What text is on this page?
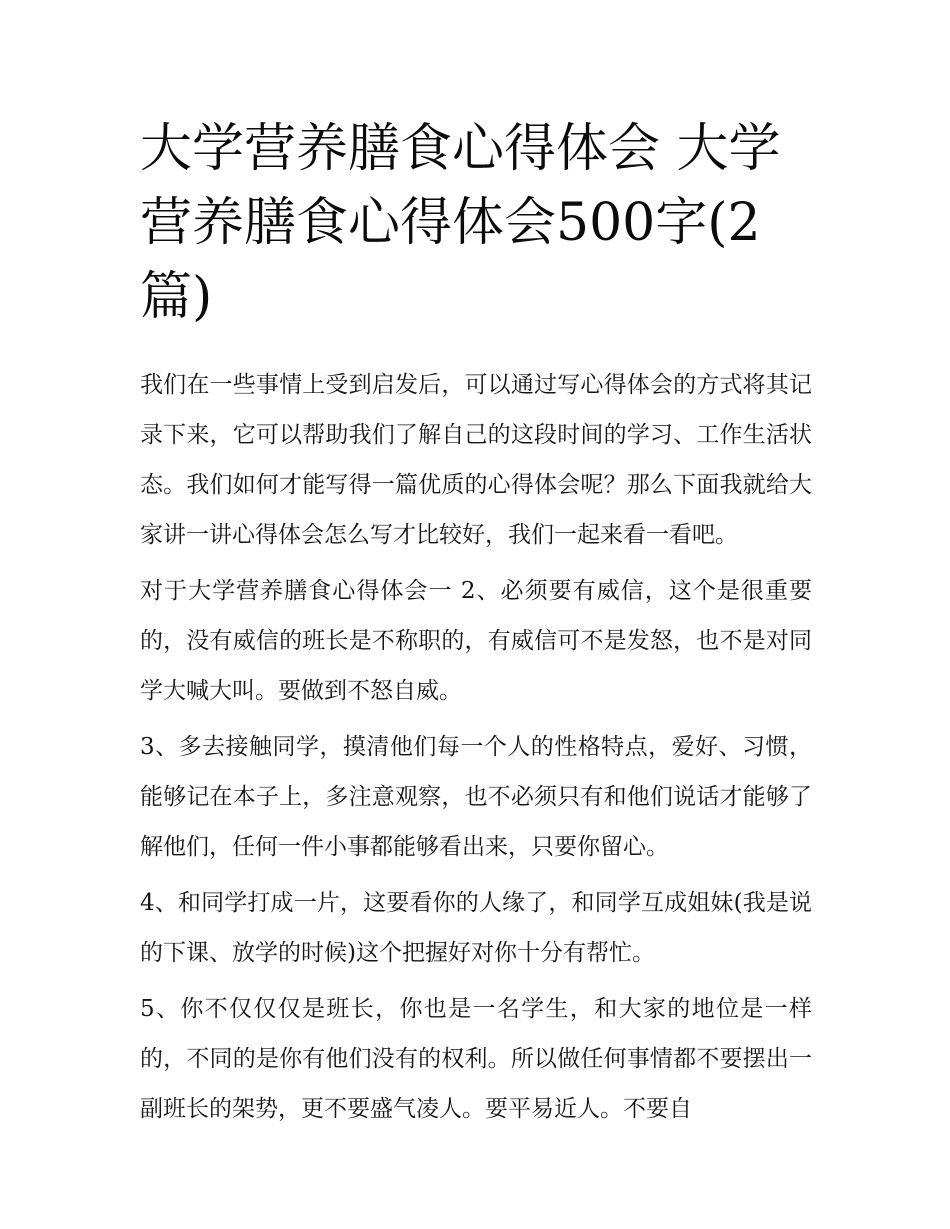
大学营养膳食心得体会 大学营养膳食心得体会500字(2篇)

我们在一些事情上受到启发后，可以通过写心得体会的方式将其记录下来，它可以帮助我们了解自己的这段时间的学习、工作生活状态。我们如何才能写得一篇优质的心得体会呢？那么下面我就给大家讲一讲心得体会怎么写才比较好，我们一起来看一看吧。

对于大学营养膳食心得体会一 2、必须要有威信，这个是很重要的，没有威信的班长是不称职的，有威信可不是发怒，也不是对同学大喊大叫。要做到不怒自威。

3、多去接触同学，摸清他们每一个人的性格特点，爱好、习惯，能够记在本子上，多注意观察，也不必须只有和他们说话才能够了解他们，任何一件小事都能够看出来，只要你留心。

4、和同学打成一片，这要看你的人缘了，和同学互成姐妹(我是说的下课、放学的时候)这个把握好对你十分有帮忙。

5、你不仅仅仅是班长，你也是一名学生，和大家的地位是一样的，不同的是你有他们没有的权利。所以做任何事情都不要摆出一副班长的架势，更不要盛气凌人。要平易近人。不要自
